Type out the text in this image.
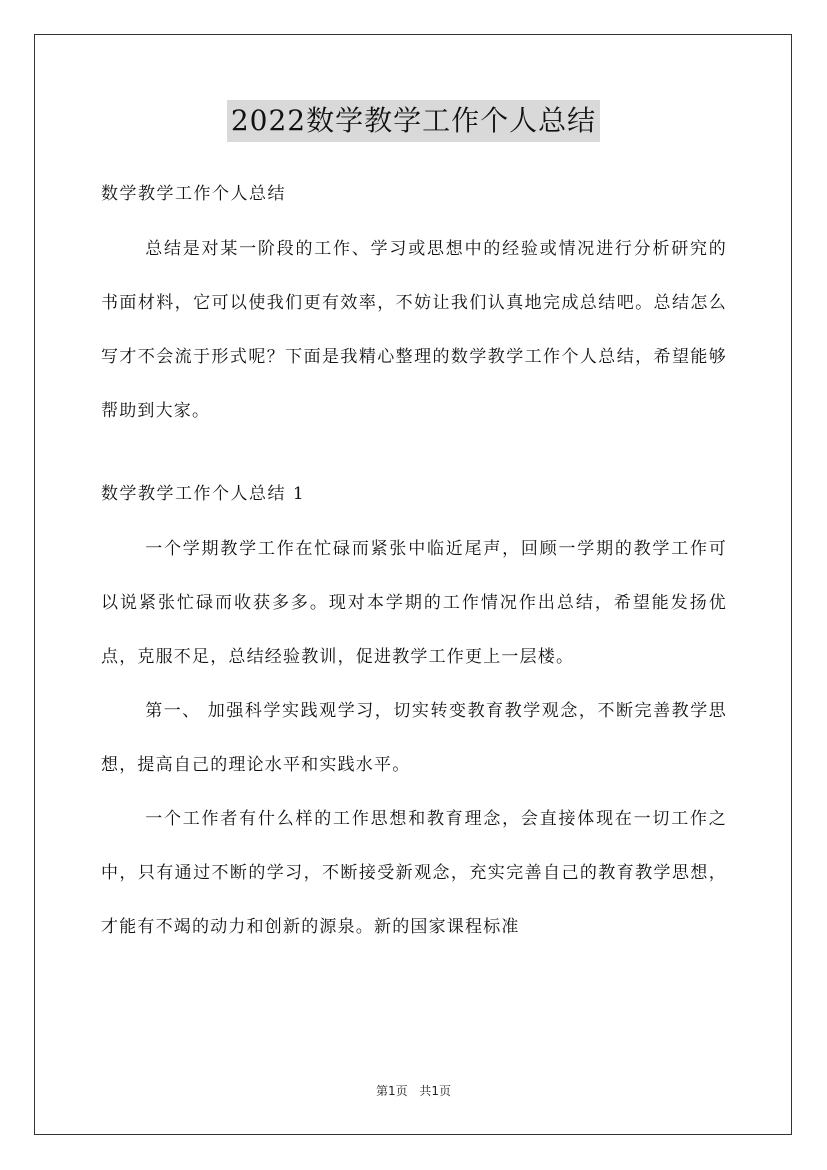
2022数学教学工作个人总结

数学教学工作个人总结

总结是对某一阶段的工作、学习或思想中的经验或情况进行分析研究的书面材料，它可以使我们更有效率，不妨让我们认真地完成总结吧。总结怎么写才不会流于形式呢？下面是我精心整理的数学教学工作个人总结，希望能够帮助到大家。

数学教学工作个人总结 1

一个学期教学工作在忙碌而紧张中临近尾声，回顾一学期的教学工作可以说紧张忙碌而收获多多。现对本学期的工作情况作出总结，希望能发扬优点，克服不足，总结经验教训，促进教学工作更上一层楼。

第一、 加强科学实践观学习，切实转变教育教学观念，不断完善教学思想，提高自己的理论水平和实践水平。

一个工作者有什么样的工作思想和教育理念，会直接体现在一切工作之中，只有通过不断的学习，不断接受新观念，充实完善自己的教育教学思想，才能有不竭的动力和创新的源泉。新的国家课程标准

第1页 共1页
